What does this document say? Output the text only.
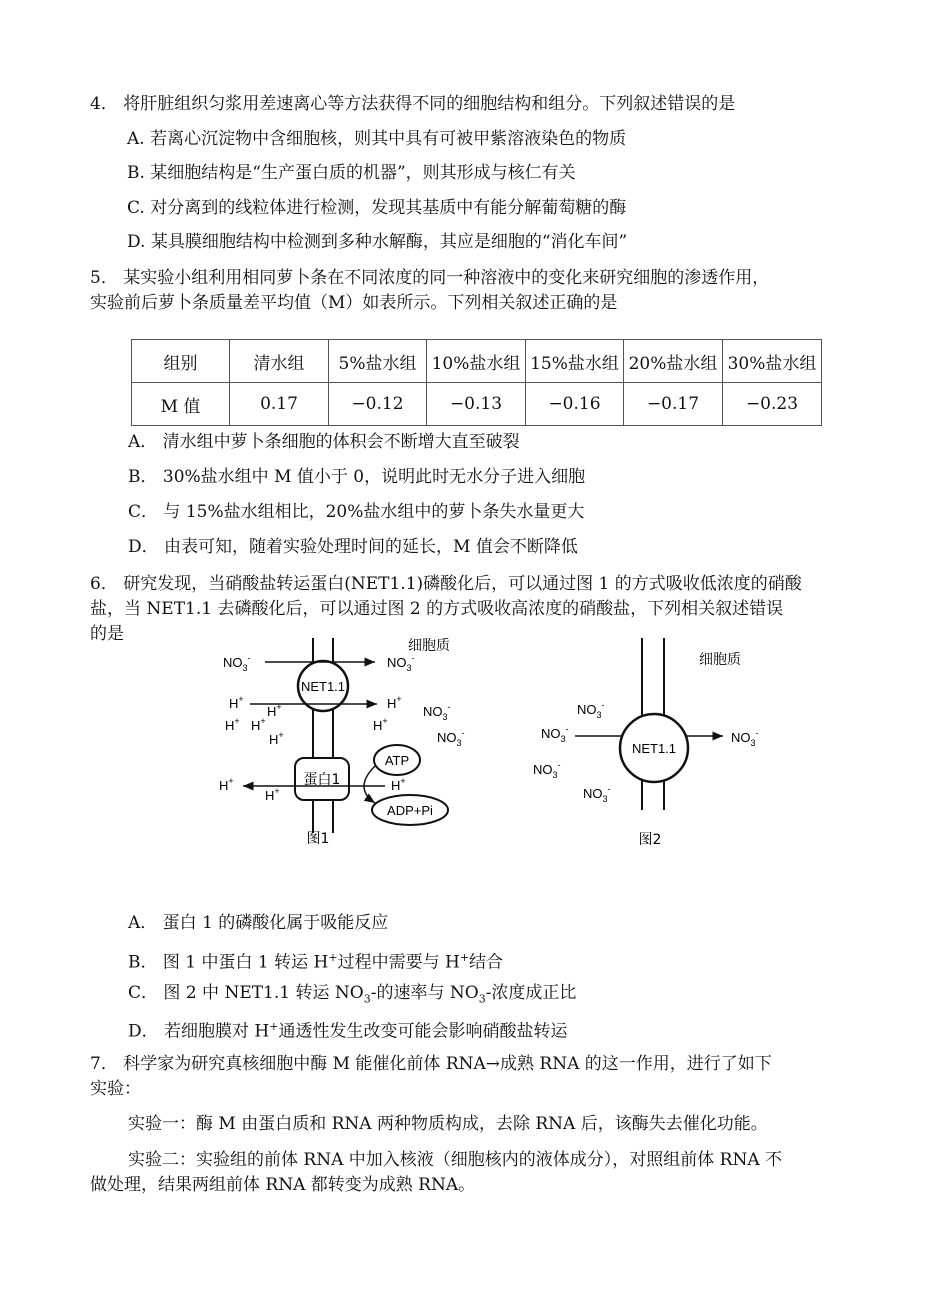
4． 将肝脏组织匀浆用差速离心等方法获得不同的细胞结构和组分。下列叙述错误的是
A. 若离心沉淀物中含细胞核，则其中具有可被甲紫溶液染色的物质
B. 某细胞结构是“生产蛋白质的机器”，则其形成与核仁有关
C. 对分离到的线粒体进行检测，发现其基质中有能分解葡萄糖的酶
D. 某具膜细胞结构中检测到多种水解酶，其应是细胞的“消化车间”
5． 某实验小组利用相同萝卜条在不同浓度的同一种溶液中的变化来研究细胞的渗透作用，
实验前后萝卜条质量差平均值（M）如表所示。下列相关叙述正确的是
组别	清水组	5%盐水组	10%盐水组	15%盐水组	20%盐水组	30%盐水组
M 值	0.17	−0.12	−0.13	−0.16	−0.17	−0.23
A． 清水组中萝卜条细胞的体积会不断增大直至破裂
B． 30%盐水组中 M 值小于 0，说明此时无水分子进入细胞
C． 与 15%盐水组相比，20%盐水组中的萝卜条失水量更大
D． 由表可知，随着实验处理时间的延长，M 值会不断降低
6． 研究发现，当硝酸盐转运蛋白(NET1.1)磷酸化后，可以通过图 1 的方式吸收低浓度的硝酸
盐，当 NET1.1 去磷酸化后，可以通过图 2 的方式吸收高浓度的硝酸盐，下列相关叙述错误
的是
NET1.1
细胞质
$NO_3^-$	$NO_3^-$
H+	H+
H+
H+ H+
H+
H+
$NO_3^-$
$NO_3^-$
蛋白1
ATP
ADP+Pi
H+
H+
H+
图1
细胞质
NET1.1
$NO_3^-$
$NO_3^-$
$NO_3^-$
$NO_3^-$
$NO_3^-$
图2
A． 蛋白 1 的磷酸化属于吸能反应
B． 图 1 中蛋白 1 转运 H+过程中需要与 H+结合
C． 图 2 中 NET1.1 转运 $NO_3-$的速率与 $NO_3-$浓度成正比
D． 若细胞膜对 H+通透性发生改变可能会影响硝酸盐转运
7． 科学家为研究真核细胞中酶 M 能催化前体 RNA→成熟 RNA 的这一作用，进行了如下
实验：
实验一：酶 M 由蛋白质和 RNA 两种物质构成，去除 RNA 后，该酶失去催化功能。
实验二：实验组的前体 RNA 中加入核液（细胞核内的液体成分），对照组前体 RNA 不
做处理，结果两组前体 RNA 都转变为成熟 RNA。
